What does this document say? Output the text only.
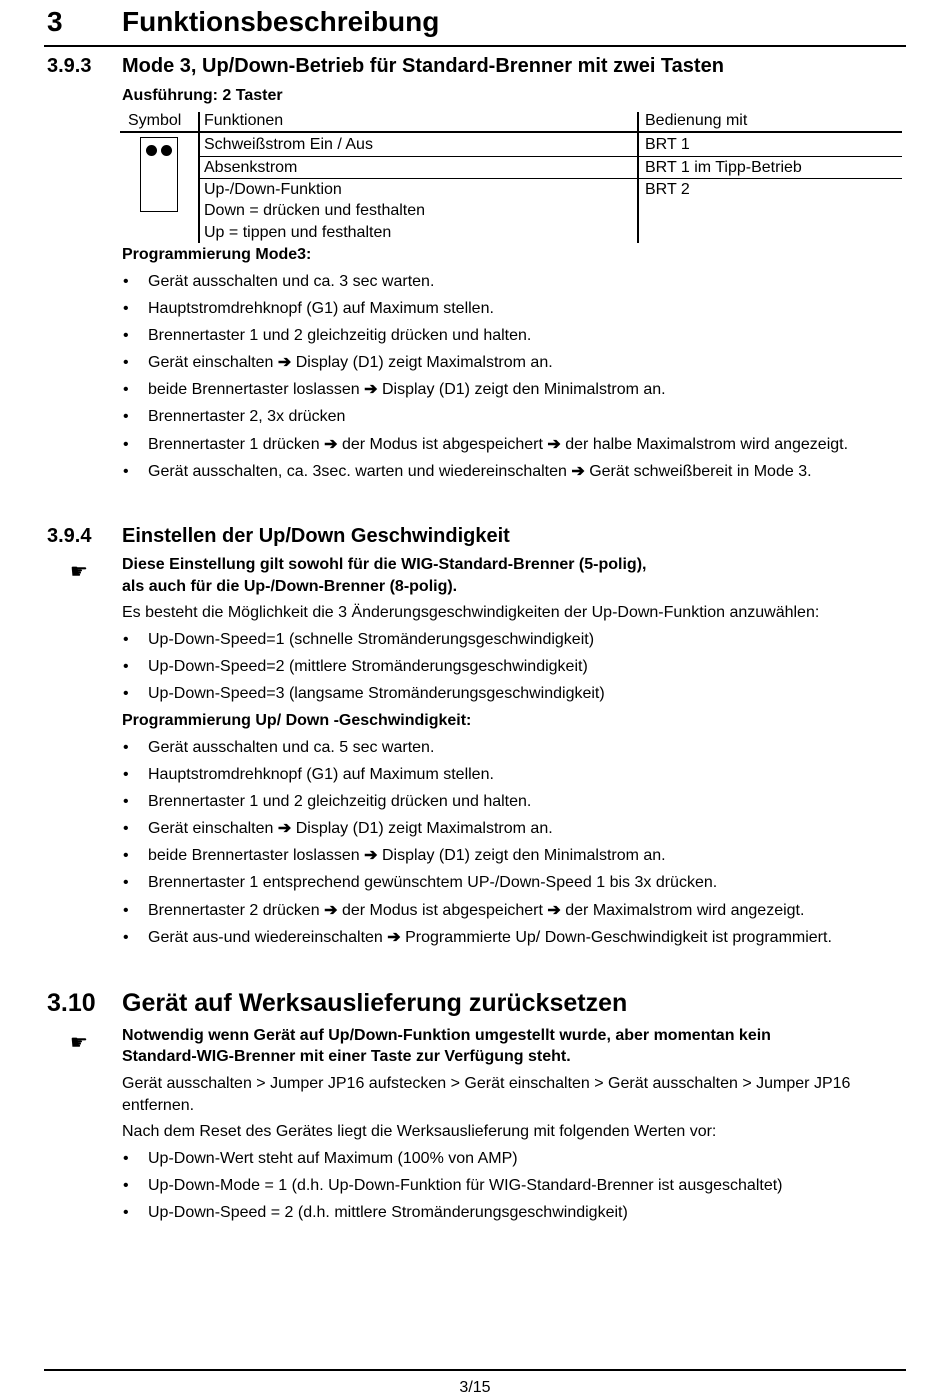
3 Funktionsbeschreibung
3.9.3 Mode 3, Up/Down-Betrieb für Standard-Brenner mit zwei Tasten
Ausführung: 2 Taster
Symbol Funktionen	Bedienung mit
Schweißstrom Ein / Aus
Absenkstrom
Up-/Down-Funktion
Down = drücken und festhalten
Up = tippen und festhalten
BRT 1
BRT 1 im Tipp-Betrieb
BRT 2
Programmierung Mode3:
• Gerät ausschalten und ca. 3 sec warten.
• Hauptstromdrehknopf (G1) auf Maximum stellen.
• Brennertaster 1 und 2 gleichzeitig drücken und halten.
• Gerät einschalten ➔ Display (D1) zeigt Maximalstrom an.
• beide Brennertaster loslassen ➔ Display (D1) zeigt den Minimalstrom an.
• Brennertaster 2, 3x drücken
• Brennertaster 1 drücken ➔ der Modus ist abgespeichert ➔ der halbe Maximalstrom wird angezeigt.
• Gerät ausschalten, ca. 3sec. warten und wiedereinschalten ➔ Gerät schweißbereit in Mode 3.
3.9.4 Einstellen der Up/Down Geschwindigkeit
☛ Diese Einstellung gilt sowohl für die WIG-Standard-Brenner (5-polig),
als auch für die Up-/Down-Brenner (8-polig).
Es besteht die Möglichkeit die 3 Änderungsgeschwindigkeiten der Up-Down-Funktion anzuwählen:
• Up-Down-Speed=1 (schnelle Stromänderungsgeschwindigkeit)
• Up-Down-Speed=2 (mittlere Stromänderungsgeschwindigkeit)
• Up-Down-Speed=3 (langsame Stromänderungsgeschwindigkeit)
Programmierung Up/ Down -Geschwindigkeit:
• Gerät ausschalten und ca. 5 sec warten.
• Hauptstromdrehknopf (G1) auf Maximum stellen.
• Brennertaster 1 und 2 gleichzeitig drücken und halten.
• Gerät einschalten ➔ Display (D1) zeigt Maximalstrom an.
• beide Brennertaster loslassen ➔ Display (D1) zeigt den Minimalstrom an.
• Brennertaster 1 entsprechend gewünschtem UP-/Down-Speed 1 bis 3x drücken.
• Brennertaster 2 drücken ➔ der Modus ist abgespeichert ➔ der Maximalstrom wird angezeigt.
• Gerät aus-und wiedereinschalten ➔ Programmierte Up/ Down-Geschwindigkeit ist programmiert.
3.10 Gerät auf Werksauslieferung zurücksetzen
☛ Notwendig wenn Gerät auf Up/Down-Funktion umgestellt wurde, aber momentan kein
Standard-WIG-Brenner mit einer Taste zur Verfügung steht.
Gerät ausschalten > Jumper JP16 aufstecken > Gerät einschalten > Gerät ausschalten > Jumper JP16 entfernen.
Nach dem Reset des Gerätes liegt die Werksauslieferung mit folgenden Werten vor:
• Up-Down-Wert steht auf Maximum (100% von AMP)
• Up-Down-Mode = 1 (d.h. Up-Down-Funktion für WIG-Standard-Brenner ist ausgeschaltet)
• Up-Down-Speed = 2 (d.h. mittlere Stromänderungsgeschwindigkeit)
3/15
